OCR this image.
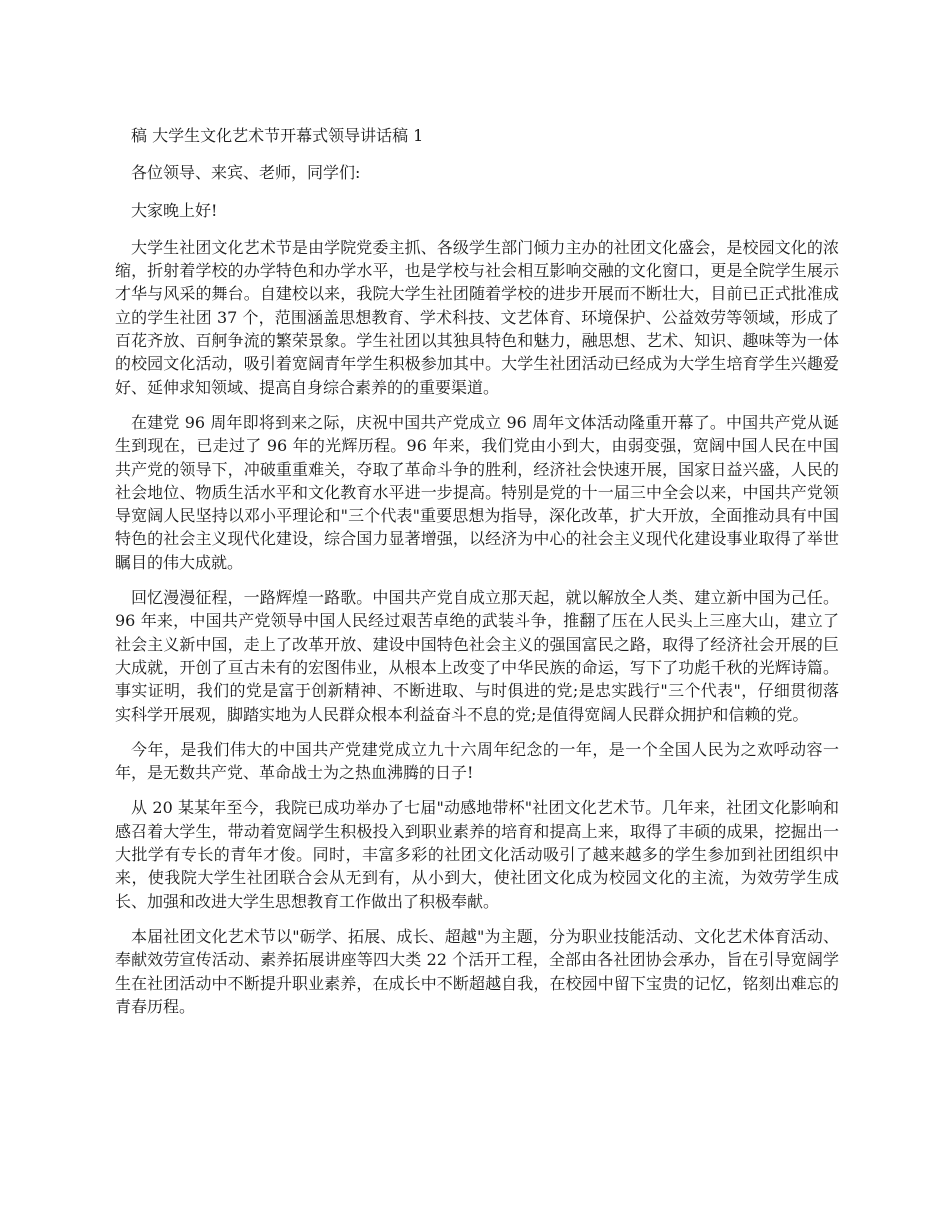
稿 大学生文化艺术节开幕式领导讲话稿 1

各位领导、来宾、老师，同学们:

大家晚上好!

大学生社团文化艺术节是由学院党委主抓、各级学生部门倾力主办的社团文化盛会，是校园文化的浓缩，折射着学校的办学特色和办学水平，也是学校与社会相互影响交融的文化窗口，更是全院学生展示才华与风采的舞台。自建校以来，我院大学生社团随着学校的进步开展而不断壮大，目前已正式批准成立的学生社团 37 个，范围涵盖思想教育、学术科技、文艺体育、环境保护、公益效劳等领域，形成了百花齐放、百舸争流的繁荣景象。学生社团以其独具特色和魅力，融思想、艺术、知识、趣味等为一体的校园文化活动，吸引着宽阔青年学生积极参加其中。大学生社团活动已经成为大学生培育学生兴趣爱好、延伸求知领域、提高自身综合素养的的重要渠道。

在建党 96 周年即将到来之际，庆祝中国共产党成立 96 周年文体活动隆重开幕了。中国共产党从诞生到现在，已走过了 96 年的光辉历程。96 年来，我们党由小到大，由弱变强，宽阔中国人民在中国共产党的领导下，冲破重重难关，夺取了革命斗争的胜利，经济社会快速开展，国家日益兴盛，人民的社会地位、物质生活水平和文化教育水平进一步提高。特别是党的十一届三中全会以来，中国共产党领导宽阔人民坚持以邓小平理论和"三个代表"重要思想为指导，深化改革，扩大开放，全面推动具有中国特色的社会主义现代化建设，综合国力显著增强，以经济为中心的社会主义现代化建设事业取得了举世瞩目的伟大成就。

回忆漫漫征程，一路辉煌一路歌。中国共产党自成立那天起，就以解放全人类、建立新中国为己任。96 年来，中国共产党领导中国人民经过艰苦卓绝的武装斗争，推翻了压在人民头上三座大山，建立了社会主义新中国，走上了改革开放、建设中国特色社会主义的强国富民之路，取得了经济社会开展的巨大成就，开创了亘古未有的宏图伟业，从根本上改变了中华民族的命运，写下了功彪千秋的光辉诗篇。事实证明，我们的党是富于创新精神、不断进取、与时俱进的党;是忠实践行"三个代表"，仔细贯彻落实科学开展观，脚踏实地为人民群众根本利益奋斗不息的党;是值得宽阔人民群众拥护和信赖的党。

今年，是我们伟大的中国共产党建党成立九十六周年纪念的一年，是一个全国人民为之欢呼动容一年，是无数共产党、革命战士为之热血沸腾的日子!

从 20 某某年至今，我院已成功举办了七届"动感地带杯"社团文化艺术节。几年来，社团文化影响和感召着大学生，带动着宽阔学生积极投入到职业素养的培育和提高上来，取得了丰硕的成果，挖掘出一大批学有专长的青年才俊。同时，丰富多彩的社团文化活动吸引了越来越多的学生参加到社团组织中来，使我院大学生社团联合会从无到有，从小到大，使社团文化成为校园文化的主流，为效劳学生成长、加强和改进大学生思想教育工作做出了积极奉献。

本届社团文化艺术节以"砺学、拓展、成长、超越"为主题，分为职业技能活动、文化艺术体育活动、奉献效劳宣传活动、素养拓展讲座等四大类 22 个活开工程，全部由各社团协会承办，旨在引导宽阔学生在社团活动中不断提升职业素养，在成长中不断超越自我，在校园中留下宝贵的记忆，铭刻出难忘的青春历程。
